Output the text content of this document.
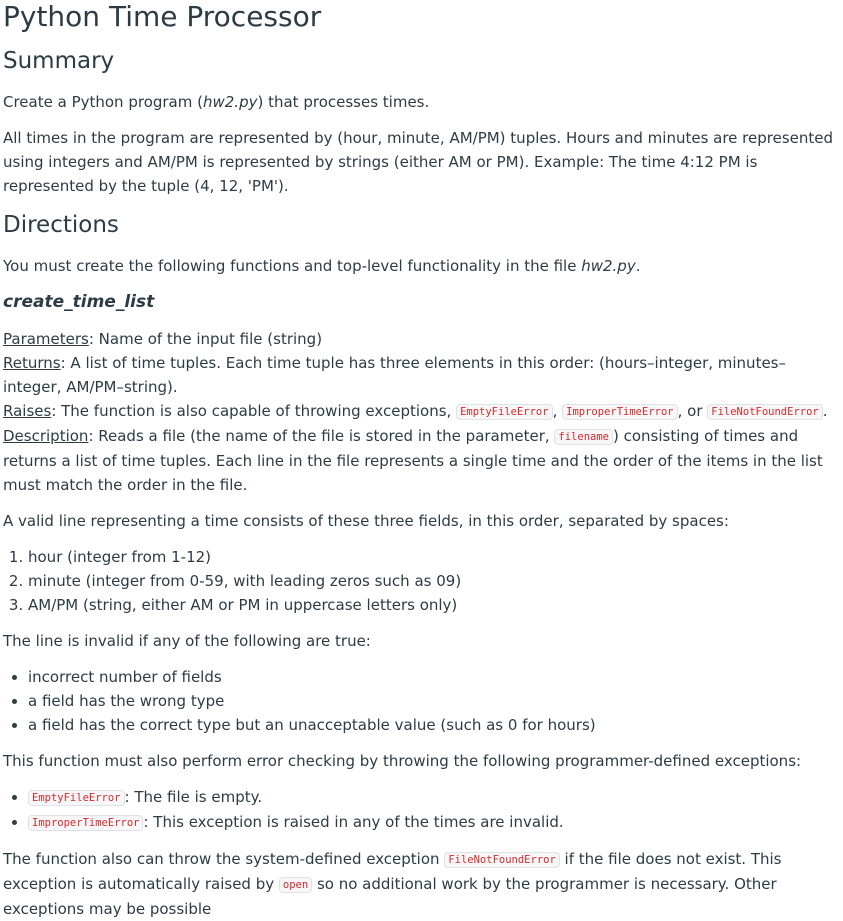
Python Time Processor
Summary

Create a Python program (hw2.py) that processes times.

All times in the program are represented by (hour, minute, AM/PM) tuples. Hours and minutes are represented using integers and AM/PM is represented by strings (either AM or PM). Example: The time 4:12 PM is represented by the tuple (4, 12, 'PM').

Directions

You must create the following functions and top-level functionality in the file hw2.py.

create_time_list
Parameters: Name of the input file (string)
Returns: A list of time tuples. Each time tuple has three elements in this order: (hours–integer, minutes–integer, AM/PM–string).
Raises: The function is also capable of throwing exceptions, EmptyFileError , ImproperTimeError , or FileNotFoundError .
Description: Reads a file (the name of the file is stored in the parameter, filename ) consisting of times and returns a list of time tuples. Each line in the file represents a single time and the order of the items in the list must match the order in the file.

A valid line representing a time consists of these three fields, in this order, separated by spaces:

1. hour (integer from 1-12)
2. minute (integer from 0-59, with leading zeros such as 09)
3. AM/PM (string, either AM or PM in uppercase letters only)

The line is invalid if any of the following are true:

• incorrect number of fields
• a field has the wrong type
• a field has the correct type but an unacceptable value (such as 0 for hours)

This function must also perform error checking by throwing the following programmer-defined exceptions:

• EmptyFileError : The file is empty.
• ImproperTimeError : This exception is raised in any of the times are invalid.

The function also can throw the system-defined exception FileNotFoundError if the file does not exist. This exception is automatically raised by open so no additional work by the programmer is necessary. Other exceptions may be possible
